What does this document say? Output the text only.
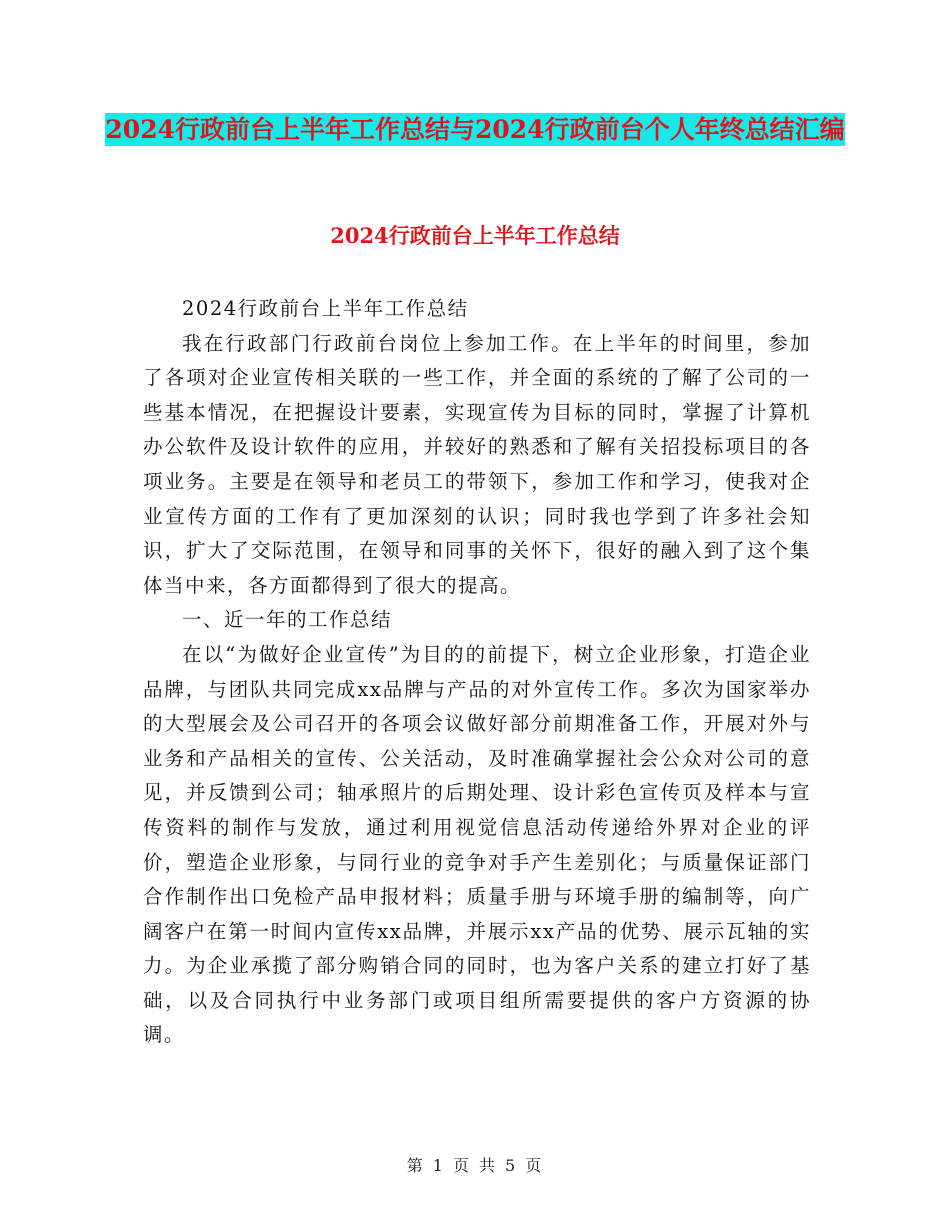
2024行政前台上半年工作总结与2024行政前台个人年终总结汇编
2024行政前台上半年工作总结

2024行政前台上半年工作总结

我在行政部门行政前台岗位上参加工作。在上半年的时间里，参加了各项对企业宣传相关联的一些工作，并全面的系统的了解了公司的一些基本情况，在把握设计要素，实现宣传为目标的同时，掌握了计算机办公软件及设计软件的应用，并较好的熟悉和了解有关招投标项目的各项业务。主要是在领导和老员工的带领下，参加工作和学习，使我对企业宣传方面的工作有了更加深刻的认识；同时我也学到了许多社会知识，扩大了交际范围，在领导和同事的关怀下，很好的融入到了这个集体当中来，各方面都得到了很大的提高。

一、近一年的工作总结

在以“为做好企业宣传”为目的的前提下，树立企业形象，打造企业品牌，与团队共同完成xx品牌与产品的对外宣传工作。多次为国家举办的大型展会及公司召开的各项会议做好部分前期准备工作，开展对外与业务和产品相关的宣传、公关活动，及时准确掌握社会公众对公司的意见，并反馈到公司；轴承照片的后期处理、设计彩色宣传页及样本与宣传资料的制作与发放，通过利用视觉信息活动传递给外界对企业的评价，塑造企业形象，与同行业的竞争对手产生差别化；与质量保证部门合作制作出口免检产品申报材料；质量手册与环境手册的编制等，向广阔客户在第一时间内宣传xx品牌，并展示xx产品的优势、展示瓦轴的实力。为企业承揽了部分购销合同的同时，也为客户关系的建立打好了基础，以及合同执行中业务部门或项目组所需要提供的客户方资源的协调。

第 1 页 共 5 页
